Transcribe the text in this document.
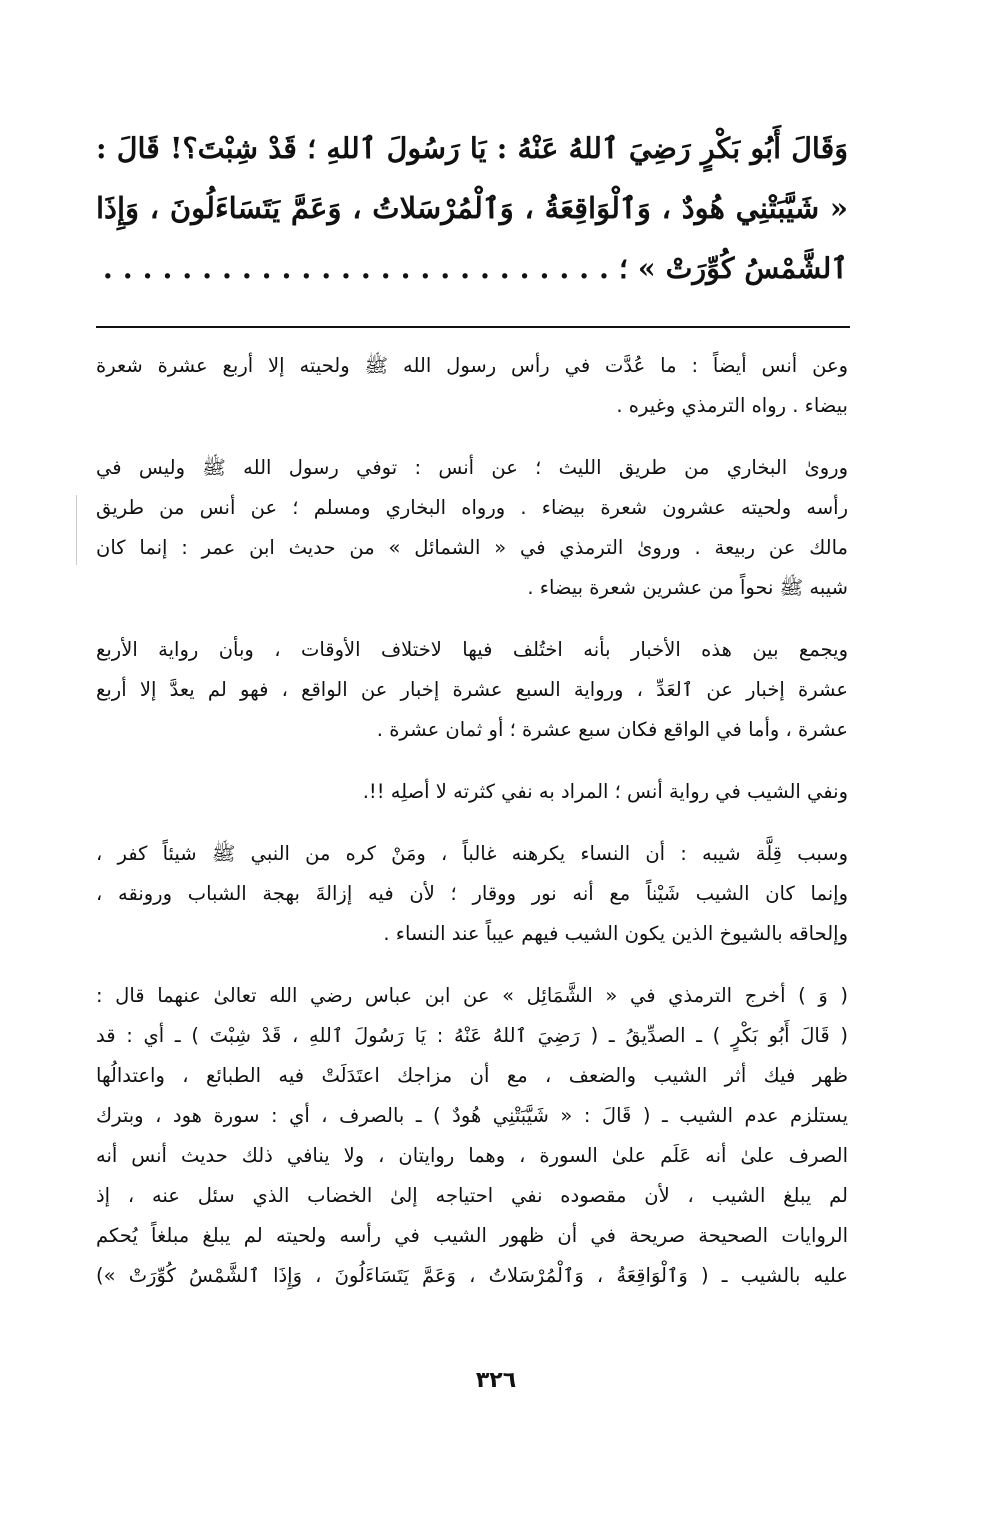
وَقَالَ أَبُو بَكْرٍ رَضِيَ ٱللهُ عَنْهُ : يَا رَسُولَ ٱللهِ ؛ قَدْ شِبْتَ؟! قَالَ :
« شَيَّبَتْنِي هُودٌ ، وَٱلْوَاقِعَةُ ، وَٱلْمُرْسَلاتُ ، وَعَمَّ يَتَسَاءَلُونَ ، وَإِذَا
ٱلشَّمْسُ كُوِّرَتْ » ؛ . . . . . . . . . . . . . . . . . . . . . . . . . .
وعن أنس أيضاً : ما عُدَّت في رأس رسول الله ﷺ ولحيته إلا أربع عشرة شعرة
بيضاء . رواه الترمذي وغيره .
وروىٰ البخاري من طريق الليث ؛ عن أنس : توفي رسول الله ﷺ وليس في
رأسه ولحيته عشرون شعرة بيضاء . ورواه البخاري ومسلم ؛ عن أنس من طريق
مالك عن ربيعة . وروىٰ الترمذي في « الشمائل » من حديث ابن عمر : إنما كان
شيبه ﷺ نحواً من عشرين شعرة بيضاء .
ويجمع بين هذه الأخبار بأنه اختُلف فيها لاختلاف الأوقات ، وبأن رواية الأربع
عشرة إخبار عن ٱلعَدِّ ، ورواية السبع عشرة إخبار عن الواقع ، فهو لم يعدَّ إلا أربع
عشرة ، وأما في الواقع فكان سبع عشرة ؛ أو ثمان عشرة .
ونفي الشيب في رواية أنس ؛ المراد به نفي كثرته لا أصلِه !!.
وسبب قِلَّة شيبه : أن النساء يكرهنه غالباً ، ومَنْ كره من النبي ﷺ شيئاً كفر ،
وإنما كان الشيب شَيْناً مع أنه نور ووقار ؛ لأن فيه إزالةَ بهجة الشباب ورونقه ،
وإلحاقه بالشيوخ الذين يكون الشيب فيهم عيباً عند النساء .
( وَ ) أخرج الترمذي في « الشَّمَائِل » عن ابن عباس رضي الله تعالىٰ عنهما قال :
( قَالَ أَبُو بَكْرٍ ) ـ الصدِّيقُ ـ ( رَضِيَ ٱللهُ عَنْهُ : يَا رَسُولَ ٱللهِ ، قَدْ شِبْتَ ) ـ أي : قد
ظهر فيك أثر الشيب والضعف ، مع أن مزاجك اعتَدَلَتْ فيه الطبائع ، واعتدالُها
يستلزم عدم الشيب ـ ( قَالَ : « شَيَّبَتْنِي هُودٌ ) ـ بالصرف ، أي : سورة هود ، وبترك
الصرف علىٰ أنه عَلَم علىٰ السورة ، وهما روايتان ، ولا ينافي ذلك حديث أنس أنه
لم يبلغ الشيب ، لأن مقصوده نفي احتياجه إلىٰ الخضاب الذي سئل عنه ، إذ
الروايات الصحيحة صريحة في أن ظهور الشيب في رأسه ولحيته لم يبلغ مبلغاً يُحكم
عليه بالشيب ـ ( وَٱلْوَاقِعَةُ ، وَٱلْمُرْسَلاتُ ، وَعَمَّ يَتَسَاءَلُونَ ، وَإِذَا ٱلشَّمْسُ كُوِّرَتْ »)
٣٢٦
